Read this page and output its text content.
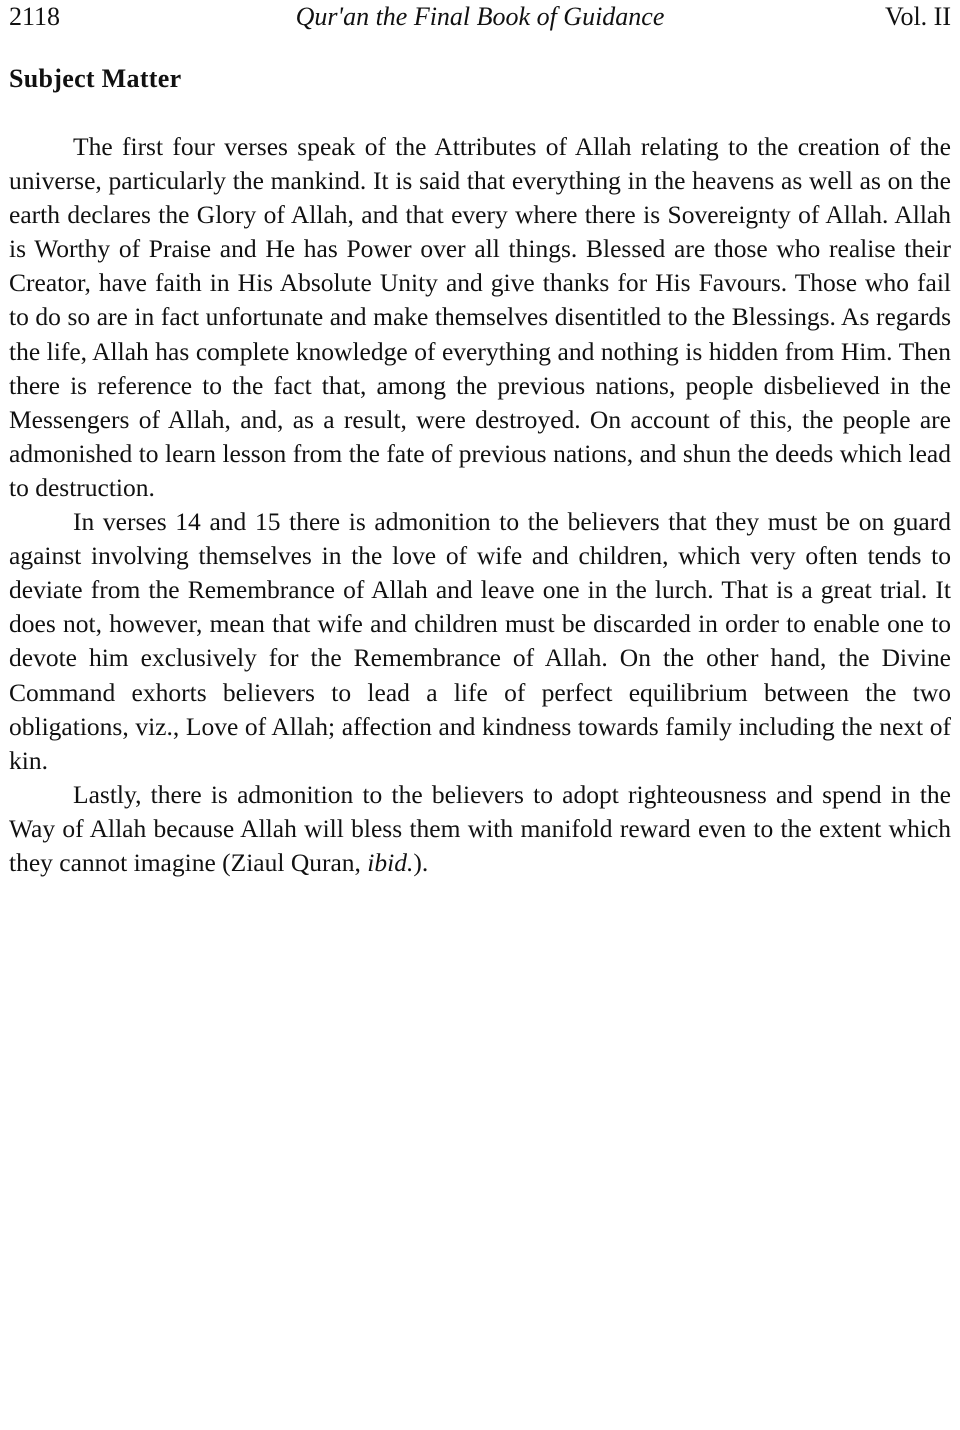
2118	Qur'an the Final Book of Guidance	Vol. II
Subject Matter

The first four verses speak of the Attributes of Allah relating to the creation of the universe, particularly the mankind. It is said that everything in the heavens as well as on the earth declares the Glory of Allah, and that every where there is Sovereignty of Allah. Allah is Worthy of Praise and He has Power over all things. Blessed are those who realise their Creator, have faith in His Absolute Unity and give thanks for His Favours. Those who fail to do so are in fact unfortunate and make themselves disentitled to the Blessings. As regards the life, Allah has complete knowledge of everything and nothing is hidden from Him. Then there is reference to the fact that, among the previous nations, people disbelieved in the Messengers of Allah, and, as a result, were destroyed. On account of this, the people are admonished to learn lesson from the fate of previous nations, and shun the deeds which lead to destruction.

In verses 14 and 15 there is admonition to the believers that they must be on guard against involving themselves in the love of wife and children, which very often tends to deviate from the Remembrance of Allah and leave one in the lurch. That is a great trial. It does not, however, mean that wife and children must be discarded in order to enable one to devote him exclusively for the Remembrance of Allah. On the other hand, the Divine Command exhorts believers to lead a life of perfect equilibrium between the two obligations, viz., Love of Allah; affection and kindness towards family including the next of kin.

Lastly, there is admonition to the believers to adopt righteousness and spend in the Way of Allah because Allah will bless them with manifold reward even to the extent which they cannot imagine (Ziaul Quran, ibid.).
